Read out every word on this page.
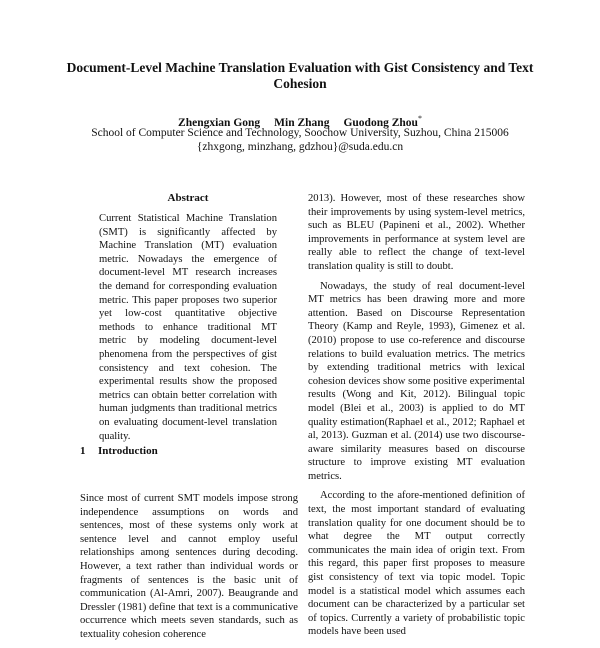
Document-Level Machine Translation Evaluation with Gist Consistency and Text Cohesion
Zhengxian Gong Min Zhang Guodong Zhou*
School of Computer Science and Technology, Soochow University, Suzhou, China 215006
{zhxgong, minzhang, gdzhou}@suda.edu.cn
Abstract

Current Statistical Machine Translation (SMT) is significantly affected by Machine Translation (MT) evaluation metric. Nowadays the emergence of document-level MT research increases the demand for corresponding evaluation metric. This paper proposes two superior yet low-cost quantitative objective methods to enhance traditional MT metric by modeling document-level phenomena from the perspectives of gist consistency and text cohesion. The experimental results show the proposed metrics can obtain better correlation with human judgments than traditional metrics on evaluating document-level translation quality.

1 Introduction

Since most of current SMT models impose strong independence assumptions on words and sentences, most of these systems only work at sentence level and cannot employ useful relationships among sentences during decoding. However, a text rather than individual words or fragments of sentences is the basic unit of communication (Al-Amri, 2007). Beaugrande and Dressler (1981) define that text is a communicative occurrence which meets seven standards, such as textuality cohesion coherence

2013). However, most of these researches show their improvements by using system-level metrics, such as BLEU (Papineni et al., 2002). Whether improvements in performance at system level are really able to reflect the change of text-level translation quality is still to doubt.

Nowadays, the study of real document-level MT metrics has been drawing more and more attention. Based on Discourse Representation Theory (Kamp and Reyle, 1993), Gimenez et al. (2010) propose to use co-reference and discourse relations to build evaluation metrics. The metrics by extending traditional metrics with lexical cohesion devices show some positive experimental results (Wong and Kit, 2012). Bilingual topic model (Blei et al., 2003) is applied to do MT quality estimation(Raphael et al., 2012; Raphael et al, 2013). Guzman et al. (2014) use two discourse-aware similarity measures based on discourse structure to improve existing MT evaluation metrics.

According to the afore-mentioned definition of text, the most important standard of evaluating translation quality for one document should be to what degree the MT output correctly communicates the main idea of origin text. From this regard, this paper first proposes to measure gist consistency of text via topic model. Topic model is a statistical model which assumes each document can be characterized by a particular set of topics. Currently a variety of probabilistic topic models have been used
